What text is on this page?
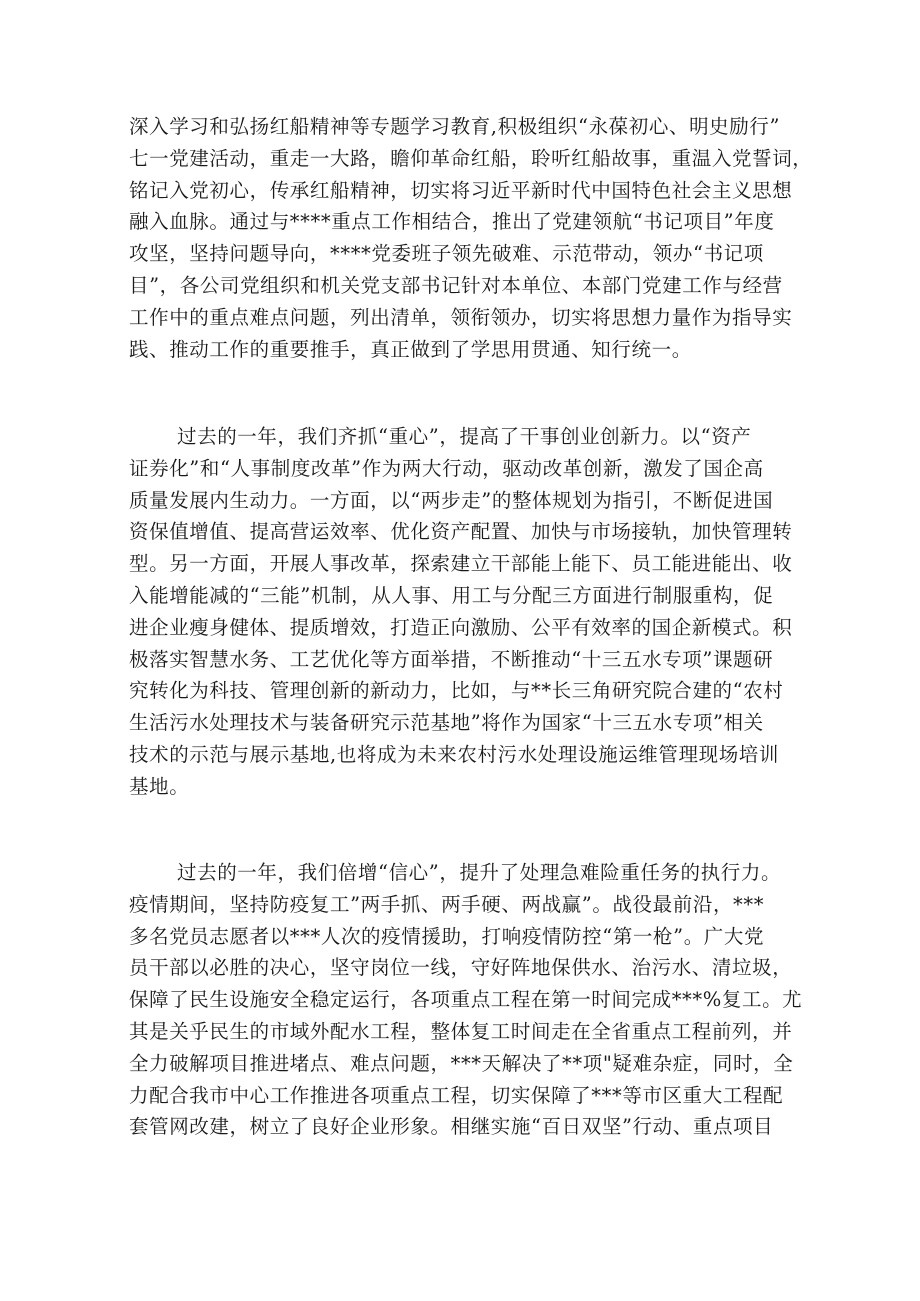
深入学习和弘扬红船精神等专题学习教育,积极组织“永葆初心、明史励行”
七一党建活动，重走一大路，瞻仰革命红船，聆听红船故事，重温入党誓词，
铭记入党初心，传承红船精神，切实将习近平新时代中国特色社会主义思想
融入血脉。通过与****重点工作相结合，推出了党建领航“书记项目”年度
攻坚，坚持问题导向，****党委班子领先破难、示范带动，领办“书记项
目”，各公司党组织和机关党支部书记针对本单位、本部门党建工作与经营
工作中的重点难点问题，列出清单，领衔领办，切实将思想力量作为指导实
践、推动工作的重要推手，真正做到了学思用贯通、知行统一。
过去的一年，我们齐抓“重心”，提高了干事创业创新力。以“资产
证券化”和“人事制度改革”作为两大行动，驱动改革创新，激发了国企高
质量发展内生动力。一方面，以“两步走”的整体规划为指引，不断促进国
资保值增值、提高营运效率、优化资产配置、加快与市场接轨，加快管理转
型。另一方面，开展人事改革，探索建立干部能上能下、员工能进能出、收
入能增能减的“三能”机制，从人事、用工与分配三方面进行制服重构，促
进企业瘦身健体、提质增效，打造正向激励、公平有效率的国企新模式。积
极落实智慧水务、工艺优化等方面举措，不断推动“十三五水专项”课题研
究转化为科技、管理创新的新动力，比如，与**长三角研究院合建的“农村
生活污水处理技术与装备研究示范基地”将作为国家“十三五水专项”相关
技术的示范与展示基地,也将成为未来农村污水处理设施运维管理现场培训
基地。
过去的一年，我们倍增“信心”，提升了处理急难险重任务的执行力。
疫情期间，坚持防疫复工”两手抓、两手硬、两战赢”。战役最前沿，***
多名党员志愿者以***人次的疫情援助，打响疫情防控“第一枪”。广大党
员干部以必胜的决心，坚守岗位一线，守好阵地保供水、治污水、清垃圾，
保障了民生设施安全稳定运行，各项重点工程在第一时间完成***%复工。尤
其是关乎民生的市域外配水工程，整体复工时间走在全省重点工程前列，并
全力破解项目推进堵点、难点问题，***天解决了**项"疑难杂症，同时，全
力配合我市中心工作推进各项重点工程，切实保障了***等市区重大工程配
套管网改建，树立了良好企业形象。相继实施“百日双坚”行动、重点项目
